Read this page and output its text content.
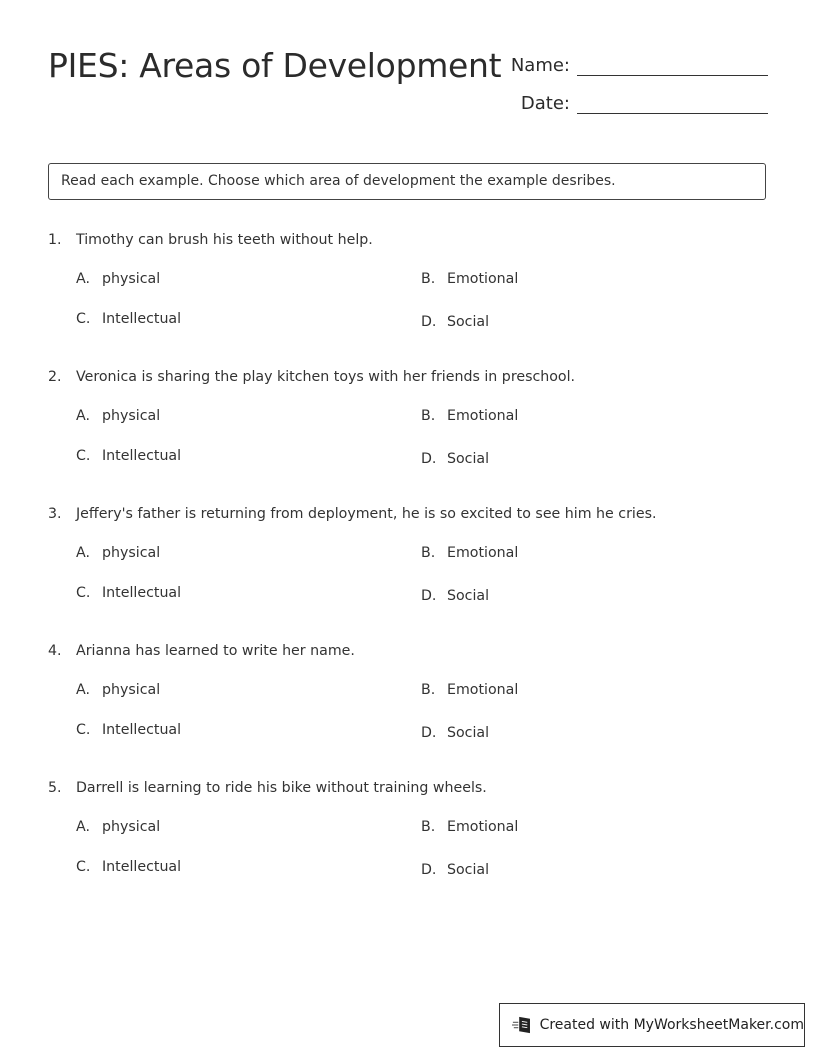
PIES: Areas of Development Name:
Date:
Read each example. Choose which area of development the example desribes.
1.	Timothy can brush his teeth without help.
A. physical	B. Emotional
C. Intellectual	D. Social
2.	Veronica is sharing the play kitchen toys with her friends in preschool.
A. physical	B. Emotional
C. Intellectual	D. Social
3.	Jeffery's father is returning from deployment, he is so excited to see him he cries.
A. physical	B. Emotional
C. Intellectual	D. Social
4.	Arianna has learned to write her name.
A. physical	B. Emotional
C. Intellectual	D. Social
5.	Darrell is learning to ride his bike without training wheels.
A. physical	B. Emotional
C. Intellectual	D. Social
Created with MyWorksheetMaker.com
